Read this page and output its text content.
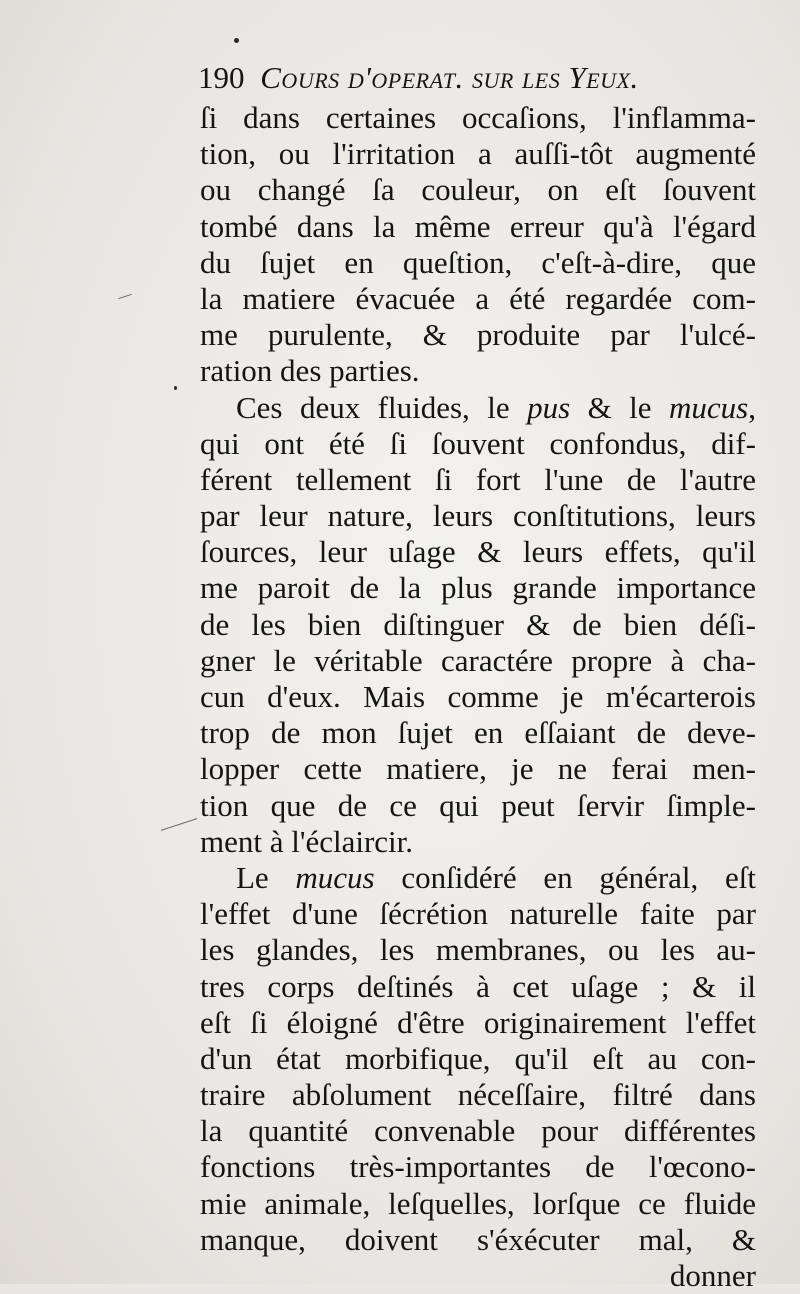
190 Cours d'operat. sur les Yeux.
ſi dans certaines occaſions, l'inflamma-
tion, ou l'irritation a auſſi-tôt augmenté
ou changé ſa couleur, on eſt ſouvent
tombé dans la même erreur qu'à l'égard
du ſujet en queſtion, c'eſt-à-dire, que
la matiere évacuée a été regardée com-
me purulente, & produite par l'ulcé-
ration des parties.
Ces deux fluides, le pus & le mucus,
qui ont été ſi ſouvent confondus, dif-
férent tellement ſi fort l'une de l'autre
par leur nature, leurs conſtitutions, leurs
ſources, leur uſage & leurs effets, qu'il
me paroit de la plus grande importance
de les bien diſtinguer & de bien déſi-
gner le véritable caractére propre à cha-
cun d'eux. Mais comme je m'écarterois
trop de mon ſujet en eſſaiant de deve-
lopper cette matiere, je ne ferai men-
tion que de ce qui peut ſervir ſimple-
ment à l'éclaircir.
Le mucus conſidéré en général, eſt
l'effet d'une ſécrétion naturelle faite par
les glandes, les membranes, ou les au-
tres corps deſtinés à cet uſage ; & il
eſt ſi éloigné d'être originairement l'effet
d'un état morbifique, qu'il eſt au con-
traire abſolument néceſſaire, filtré dans
la quantité convenable pour différentes
fonctions très-importantes de l'œcono-
mie animale, leſquelles, lorſque ce fluide
manque, doivent s'éxécuter mal, &
donner
